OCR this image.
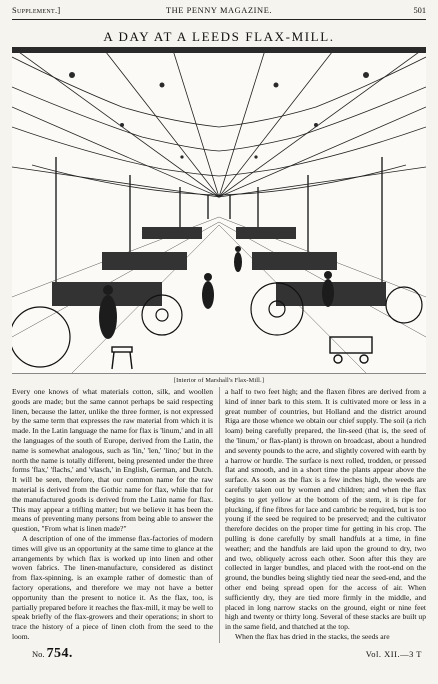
Supplement.]	THE PENNY MAGAZINE.	501
A DAY AT A LEEDS FLAX-MILL.
[Interior of Marshall's Flax-Mill.]

Every one knows of what materials cotton, silk, and woollen goods are made; but the same cannot perhaps be said respecting linen, because the latter, unlike the three former, is not expressed by the same term that expresses the raw material from which it is made. In the Latin language the name for flax is 'linum,' and in all the languages of the south of Europe, derived from the Latin, the name is somewhat analogous, such as 'lin,' 'len,' 'lino;' but in the north the name is totally different, being presented under the three forms 'flax,' 'flachs,' and 'vlasch,' in English, German, and Dutch. It will be seen, therefore, that our common name for the raw material is derived from the Gothic name for flax, while that for the manufactured goods is derived from the Latin name for flax. This may appear a trifling matter; but we believe it has been the means of preventing many persons from being able to answer the question, "From what is linen made?"

A description of one of the immense flax-factories of modern times will give us an opportunity at the same time to glance at the arrangements by which flax is worked up into linen and other woven fabrics. The linen-manufacture, considered as distinct from flax-spinning, is an example rather of domestic than of factory operations, and therefore we may not have a better opportunity than the present to notice it. As the flax, too, is partially prepared before it reaches the flax-mill, it may be well to speak briefly of the flax-growers and their operations; in short to trace the history of a piece of linen cloth from the seed to the loom.

a half to two feet high; and the flaxen fibres are derived from a kind of inner bark to this stem. It is cultivated more or less in a great number of countries, but Holland and the district around Riga are those whence we obtain our chief supply. The soil (a rich loam) being carefully prepared, the lin-seed (that is, the seed of the 'linum,' or flax-plant) is thrown on broadcast, about a hundred and seventy pounds to the acre, and slightly covered with earth by a harrow or hurdle. The surface is next rolled, trodden, or pressed flat and smooth, and in a short time the plants appear above the surface. As soon as the flax is a few inches high, the weeds are carefully taken out by women and children; and when the flax begins to get yellow at the bottom of the stem, it is ripe for plucking, if fine fibres for lace and cambric be required, but is too young if the seed be required to be preserved; and the cultivator therefore decides on the proper time for getting in his crop. The pulling is done carefully by small handfuls at a time, in fine weather; and the handfuls are laid upon the ground to dry, two and two, obliquely across each other. Soon after this they are collected in larger bundles, and placed with the root-end on the ground, the bundles being slightly tied near the seed-end, and the other end being spread open for the access of air. When sufficiently dry, they are tied more firmly in the middle, and placed in long narrow stacks on the ground, eight or nine feet high and twenty or thirty long. Several of these stacks are built up in the same field, and thatched at the top.

When the flax has dried in the stacks, the seeds are

No. 754.	Vol. XII.—3 T
